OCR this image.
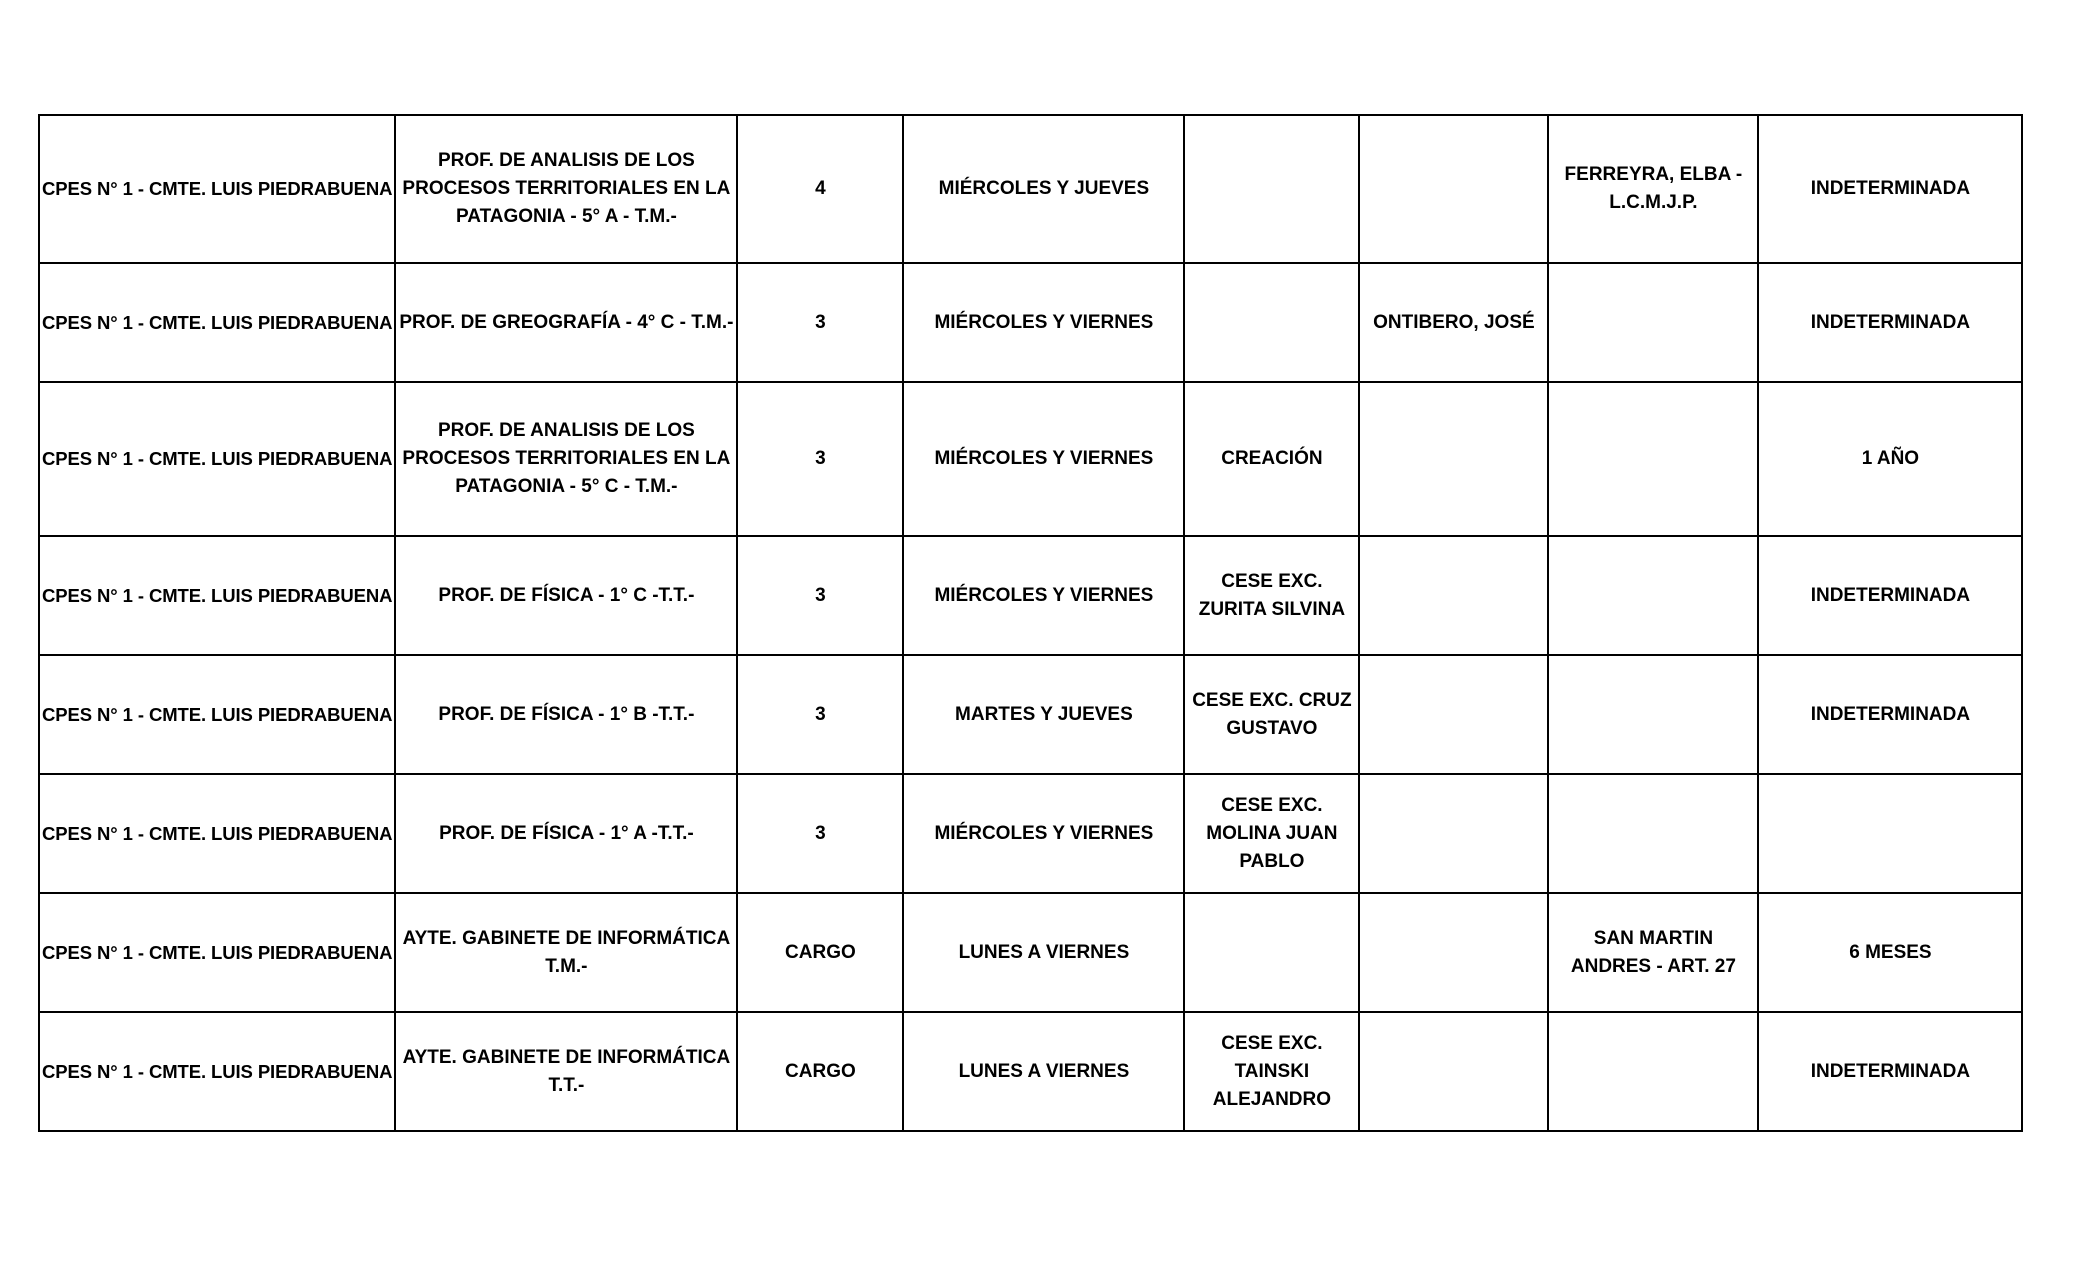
CPES N° 1 - CMTE. LUIS PIEDRABUENA	PROF. DE ANALISIS DE LOS PROCESOS TERRITORIALES EN LA PATAGONIA - 5° A - T.M.-	4	MIÉRCOLES Y JUEVES			FERREYRA, ELBA - L.C.M.J.P.	INDETERMINADA
CPES N° 1 - CMTE. LUIS PIEDRABUENA	PROF. DE GREOGRAFÍA - 4° C - T.M.-	3	MIÉRCOLES Y VIERNES		ONTIBERO, JOSÉ		INDETERMINADA
CPES N° 1 - CMTE. LUIS PIEDRABUENA	PROF. DE ANALISIS DE LOS PROCESOS TERRITORIALES EN LA PATAGONIA - 5° C - T.M.-	3	MIÉRCOLES Y VIERNES	CREACIÓN			1 AÑO
CPES N° 1 - CMTE. LUIS PIEDRABUENA	PROF. DE FÍSICA - 1° C -T.T.-	3	MIÉRCOLES Y VIERNES	CESE EXC. ZURITA SILVINA			INDETERMINADA
CPES N° 1 - CMTE. LUIS PIEDRABUENA	PROF. DE FÍSICA - 1° B -T.T.-	3	MARTES Y JUEVES	CESE EXC. CRUZ GUSTAVO			INDETERMINADA
CPES N° 1 - CMTE. LUIS PIEDRABUENA	PROF. DE FÍSICA - 1° A -T.T.-	3	MIÉRCOLES Y VIERNES	CESE EXC. MOLINA JUAN PABLO			
CPES N° 1 - CMTE. LUIS PIEDRABUENA	AYTE. GABINETE DE INFORMÁTICA T.M.-	CARGO	LUNES A VIERNES			SAN MARTIN ANDRES - ART. 27	6 MESES
CPES N° 1 - CMTE. LUIS PIEDRABUENA	AYTE. GABINETE DE INFORMÁTICA T.T.-	CARGO	LUNES A VIERNES	CESE EXC. TAINSKI ALEJANDRO			INDETERMINADA
